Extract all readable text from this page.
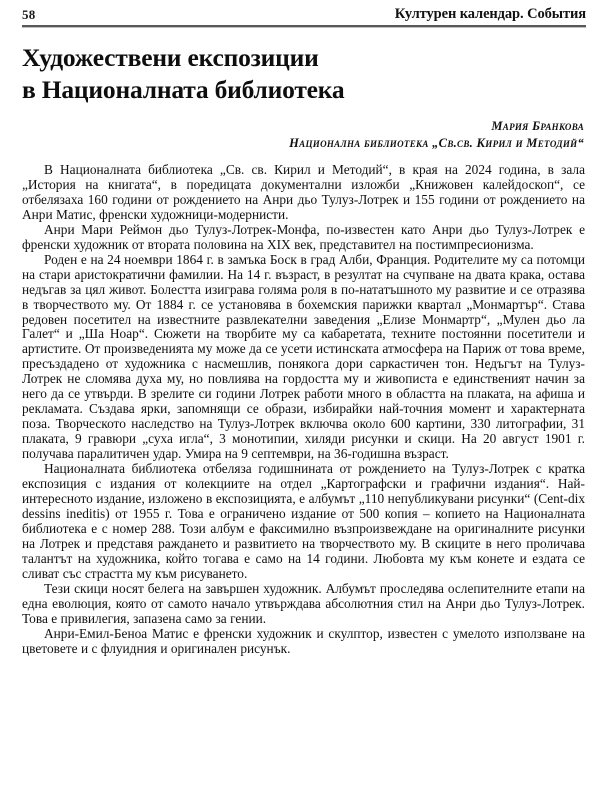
58	Културен календар. События
Художествени експозиции
в Националната библиотека
Мария Бранкова
Национална библиотека „Св.св. Кирил и Методий“

В Националната библиотека „Св. св. Кирил и Методий“, в края на 2024 година, в зала „История на книгата“, в поредицата документални изложби „Книжовен калейдоскоп“, се отбелязаха 160 години от рождението на Анри дьо Тулуз-Лотрек и 155 години от рождението на Анри Матис, френски художници-модернисти.

Анри Мари Реймон дьо Тулуз-Лотрек-Монфа, по-известен като Анри дьо Тулуз-Лотрек е френски художник от втората половина на XIX век, представител на постимпресионизма.

Роден е на 24 ноември 1864 г. в замъка Боск в град Алби, Франция. Родителите му са потомци на стари аристократични фамилии. На 14 г. възраст, в резултат на счупване на двата крака, остава недъгав за цял живот. Болестта изиграва голяма роля в по-нататъшното му развитие и се отразява в творчеството му. От 1884 г. се установява в бохемския парижки квартал „Монмартър“. Става редовен посетител на известните развлекателни заведения „Елизе Монмартр“, „Мулен дьо ла Галет“ и „Ша Ноар“. Сюжети на творбите му са кабаретата, техните постоянни посетители и артистите. От произведенията му може да се усети истинската атмосфера на Париж от това време, пресъздадено от художника с насмешлив, понякога дори саркастичен тон. Недъгът на Тулуз-Лотрек не сломява духа му, но повлиява на гордостта му и живописта е единственият начин за него да се утвърди. В зрелите си години Лотрек работи много в областта на плаката, на афиша и рекламата. Създава ярки, запомнящи се образи, избирайки най-точния момент и характерната поза. Творческото наследство на Тулуз-Лотрек включва около 600 картини, 330 литографии, 31 плаката, 9 гравюри „суха игла“, 3 монотипии, хиляди рисунки и скици. На 20 август 1901 г. получава паралитичен удар. Умира на 9 септември, на 36-годишна възраст.

Националната библиотека отбеляза годишнината от рождението на Тулуз-Лотрек с кратка експозиция с издания от колекциите на отдел „Картографски и графични издания“. Най-интересното издание, изложено в експозицията, е албумът „110 непубликувани рисунки“ (Cent-dix dessins ineditis) от 1955 г. Това е ограничено издание от 500 копия – копието на Националната библиотека е с номер 288. Този албум е факсимилно възпроизвеждане на оригиналните рисунки на Лотрек и представя раждането и развитието на творчеството му. В скиците в него проличава талантът на художника, който тогава е само на 14 години. Любовта му към конете и ездата се сливат със страстта му към рисуването.

Тези скици носят белега на завършен художник. Албумът проследява ослепителните етапи на една еволюция, която от самото начало утвърждава абсолютния стил на Анри дьо Тулуз-Лотрек. Това е привилегия, запазена само за гении.

Анри-Емил-Беноа Матис е френски художник и скулптор, известен с умелото използване на цветовете и с флуидния и оригинален рисунък.
